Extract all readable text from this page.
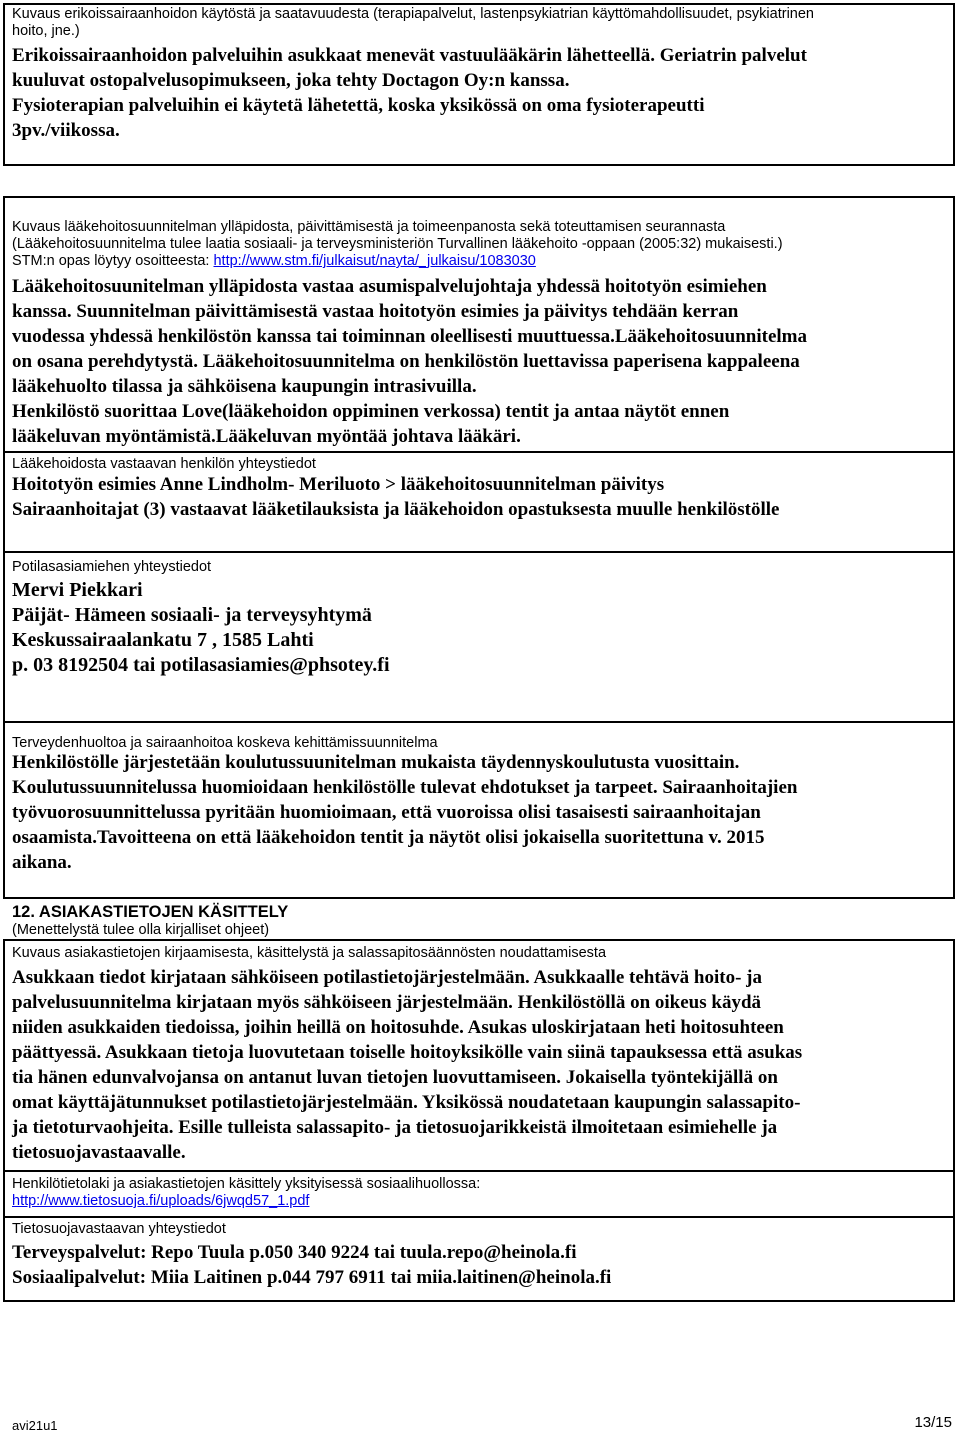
Kuvaus erikoissairaanhoidon käytöstä ja saatavuudesta (terapiapalvelut, lastenpsykiatrian käyttömahdollisuudet, psykiatrinen

hoito, jne.)

Erikoissairaanhoidon palveluihin asukkaat menevät vastuulääkärin lähetteellä. Geriatrin palvelut

kuuluvat ostopalvelusopimukseen, joka tehty Doctagon Oy:n kanssa.

Fysioterapian palveluihin ei käytetä lähetettä, koska yksikössä on oma fysioterapeutti

3pv./viikossa.

Kuvaus lääkehoitosuunnitelman ylläpidosta, päivittämisestä ja toimeenpanosta sekä toteuttamisen seurannasta

(Lääkehoitosuunnitelma tulee laatia sosiaali- ja terveysministeriön Turvallinen lääkehoito -oppaan (2005:32) mukaisesti.)

STM:n opas löytyy osoitteesta: http://www.stm.fi/julkaisut/nayta/_julkaisu/1083030

Lääkehoitosuunitelman ylläpidosta vastaa asumispalvelujohtaja yhdessä hoitotyön esimiehen

kanssa. Suunnitelman päivittämisestä vastaa hoitotyön esimies ja päivitys tehdään kerran

vuodessa yhdessä henkilöstön kanssa tai toiminnan oleellisesti muuttuessa.Lääkehoitosuunnitelma

on osana perehdytystä. Lääkehoitosuunnitelma on henkilöstön luettavissa paperisena kappaleena

lääkehuolto tilassa ja sähköisena kaupungin intrasivuilla.

Henkilöstö suorittaa Love(lääkehoidon oppiminen verkossa) tentit ja antaa näytöt ennen

lääkeluvan myöntämistä.Lääkeluvan myöntää johtava lääkäri.

Lääkehoidosta vastaavan henkilön yhteystiedot

Hoitotyön esimies Anne Lindholm- Meriluoto > lääkehoitosuunnitelman päivitys

Sairaanhoitajat (3) vastaavat lääketilauksista ja lääkehoidon opastuksesta muulle henkilöstölle

Potilasasiamiehen yhteystiedot

Mervi Piekkari

Päijät- Hämeen sosiaali- ja terveysyhtymä

Keskussairaalankatu 7 , 1585 Lahti

p. 03 8192504 tai potilasasiamies@phsotey.fi

Terveydenhuoltoa ja sairaanhoitoa koskeva kehittämissuunnitelma

Henkilöstölle järjestetään koulutussuunitelman mukaista täydennyskoulutusta vuosittain.

Koulutussuunnitelussa huomioidaan henkilöstölle tulevat ehdotukset ja tarpeet. Sairaanhoitajien

työvuorosuunnittelussa pyritään huomioimaan, että vuoroissa olisi tasaisesti sairaanhoitajan

osaamista.Tavoitteena on että lääkehoidon tentit ja näytöt olisi jokaisella suoritettuna v. 2015

aikana.

12. ASIAKASTIETOJEN KÄSITTELY
(Menettelystä tulee olla kirjalliset ohjeet)
Kuvaus asiakastietojen kirjaamisesta, käsittelystä ja salassapitosäännösten noudattamisesta

Asukkaan tiedot kirjataan sähköiseen potilastietojärjestelmään. Asukkaalle tehtävä hoito- ja

palvelusuunnitelma kirjataan myös sähköiseen järjestelmään. Henkilöstöllä on oikeus käydä

niiden asukkaiden tiedoissa, joihin heillä on hoitosuhde. Asukas uloskirjataan heti hoitosuhteen

päättyessä. Asukkaan tietoja luovutetaan toiselle hoitoyksikölle vain siinä tapauksessa että asukas

tia hänen edunvalvojansa on antanut luvan tietojen luovuttamiseen. Jokaisella työntekijällä on

omat käyttäjätunnukset potilastietojärjestelmään. Yksikössä noudatetaan kaupungin salassapito-

ja tietoturvaohjeita. Esille tulleista salassapito- ja tietosuojarikkeistä ilmoitetaan esimiehelle ja

tietosuojavastaavalle.

Henkilötietolaki ja asiakastietojen käsittely yksityisessä sosiaalihuollossa:

http://www.tietosuoja.fi/uploads/6jwqd57_1.pdf

Tietosuojavastaavan yhteystiedot

Terveyspalvelut: Repo Tuula p.050 340 9224 tai tuula.repo@heinola.fi

Sosiaalipalvelut: Miia Laitinen p.044 797 6911 tai miia.laitinen@heinola.fi

avi21u1	13/15
